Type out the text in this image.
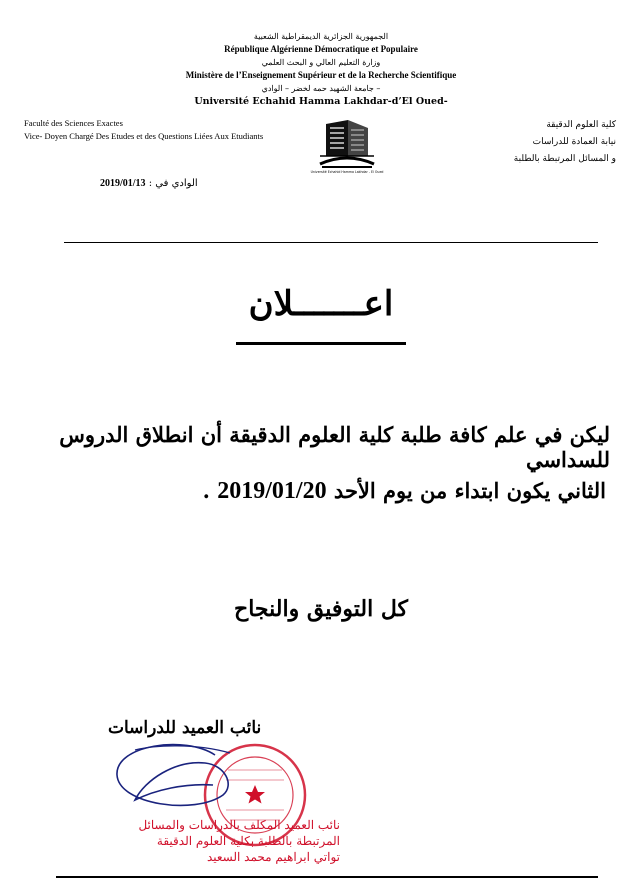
الجمهورية الجزائرية الديمقراطية الشعبية
République Algérienne Démocratique et Populaire
وزارة التعليم العالي و البحث العلمي
Ministère de l’Enseignement Supérieur et de la Recherche Scientifique
جامعة الشهيد حمه لخضر – الوادي –
Université Echahid Hamma Lakhdar-d’El Oued-
Faculté des Sciences Exactes
Vice- Doyen Chargé Des Etudes et des Questions Liées Aux Etudiants
Université Echahid Hamma Lakhdar - El Oued
كلية العلوم الدقيقة
نيابة العمادة للدراسات
و المسائل المرتبطة بالطلبة
الوادي في : 2019/01/13
اعـــــــلان
ليكن في علم كافة طلبة كلية العلوم الدقيقة أن انطلاق الدروس للسداسي
الثاني يكون ابتداء من يوم الأحد 2019/01/20 .
كل التوفيق والنجاح
نائب العميد للدراسات
نائب العميد المكلف بالدراسات والمسائل
المرتبطة بالطلبة بكلية العلوم الدقيقة
تواتي ابراهيم محمد السعيد
